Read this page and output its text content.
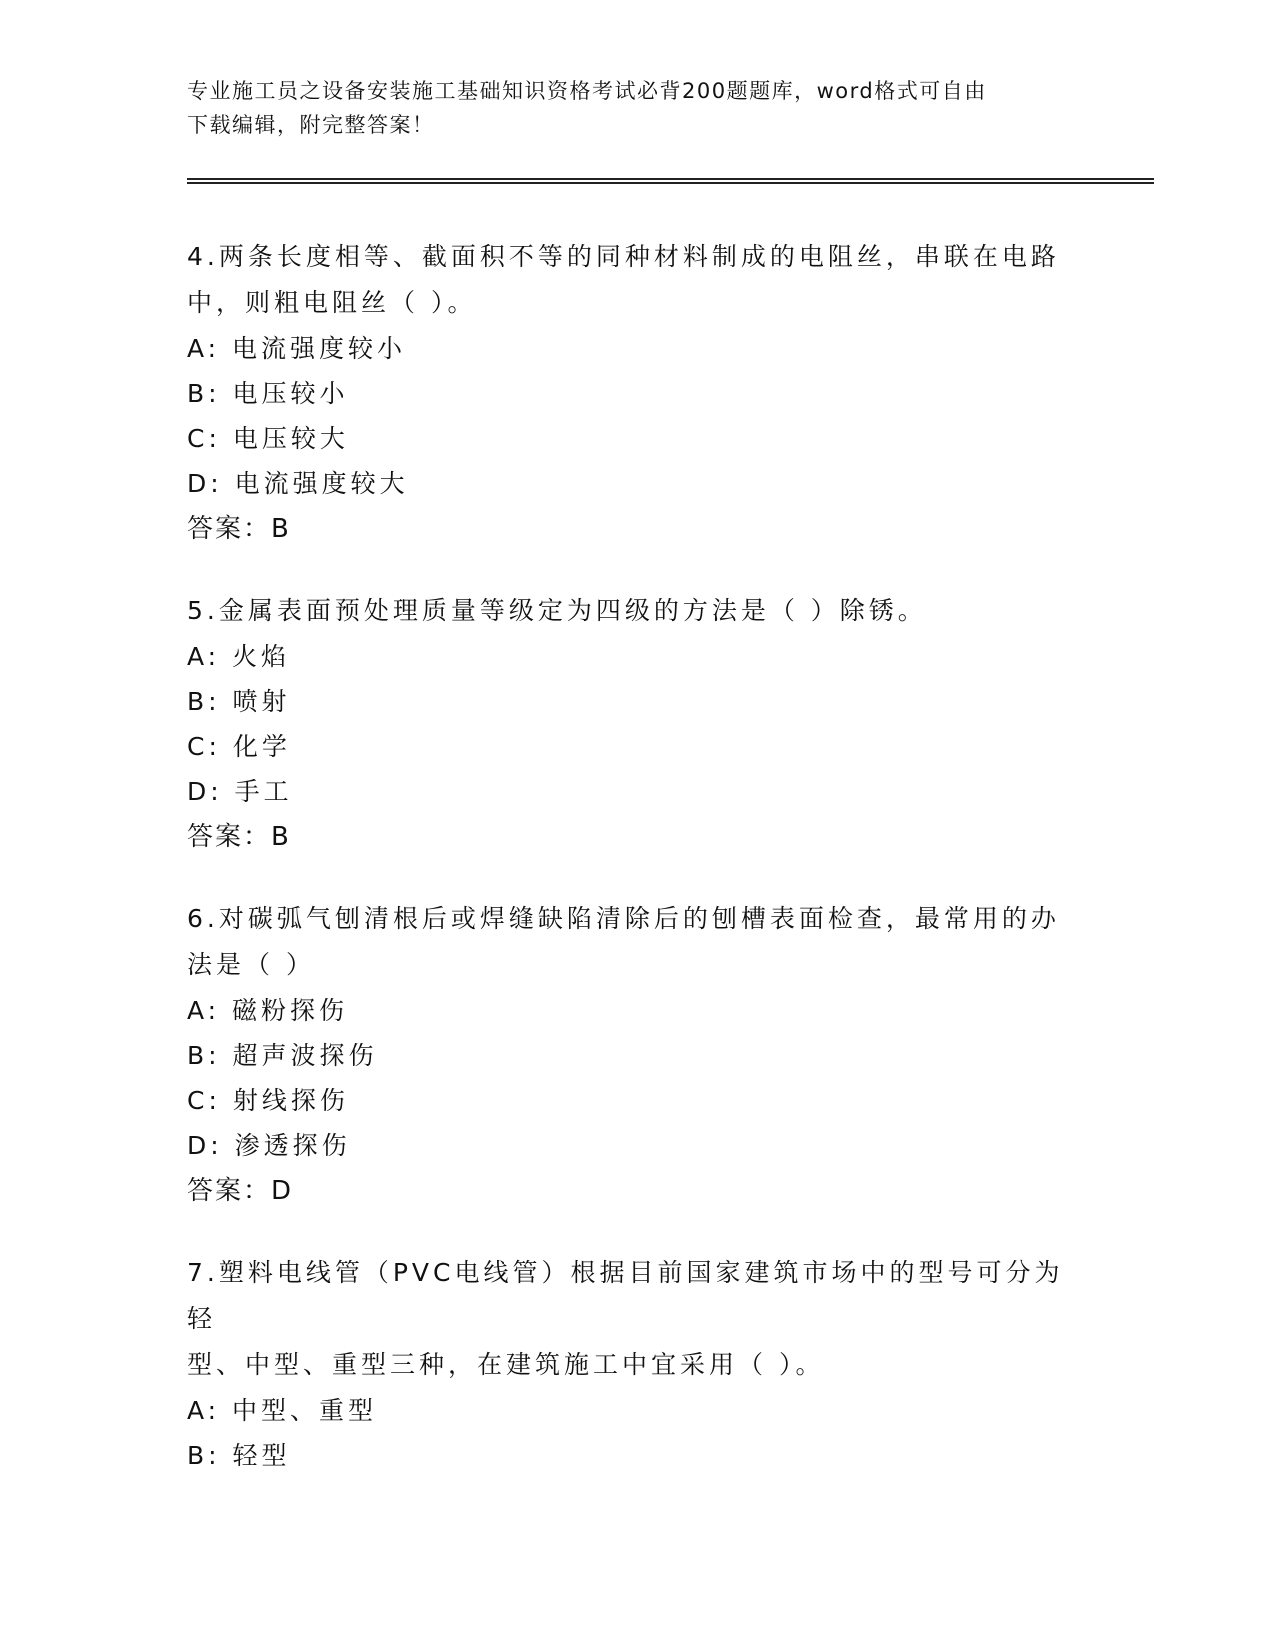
专业施工员之设备安装施工基础知识资格考试必背200题题库，word格式可自由
下载编辑，附完整答案！

4.两条长度相等、截面积不等的同种材料制成的电阻丝，串联在电路
中，则粗电阻丝（ ）。

A: 电流强度较小

B: 电压较小

C: 电压较大

D: 电流强度较大

答案：B

5.金属表面预处理质量等级定为四级的方法是（ ）除锈。

A: 火焰

B: 喷射

C: 化学

D: 手工

答案：B

6.对碳弧气刨清根后或焊缝缺陷清除后的刨槽表面检查，最常用的办
法是（ ）

A: 磁粉探伤

B: 超声波探伤

C: 射线探伤

D: 渗透探伤

答案：D

7.塑料电线管（PVC电线管）根据目前国家建筑市场中的型号可分为轻
型、中型、重型三种，在建筑施工中宜采用（ ）。

A: 中型、重型

B: 轻型
